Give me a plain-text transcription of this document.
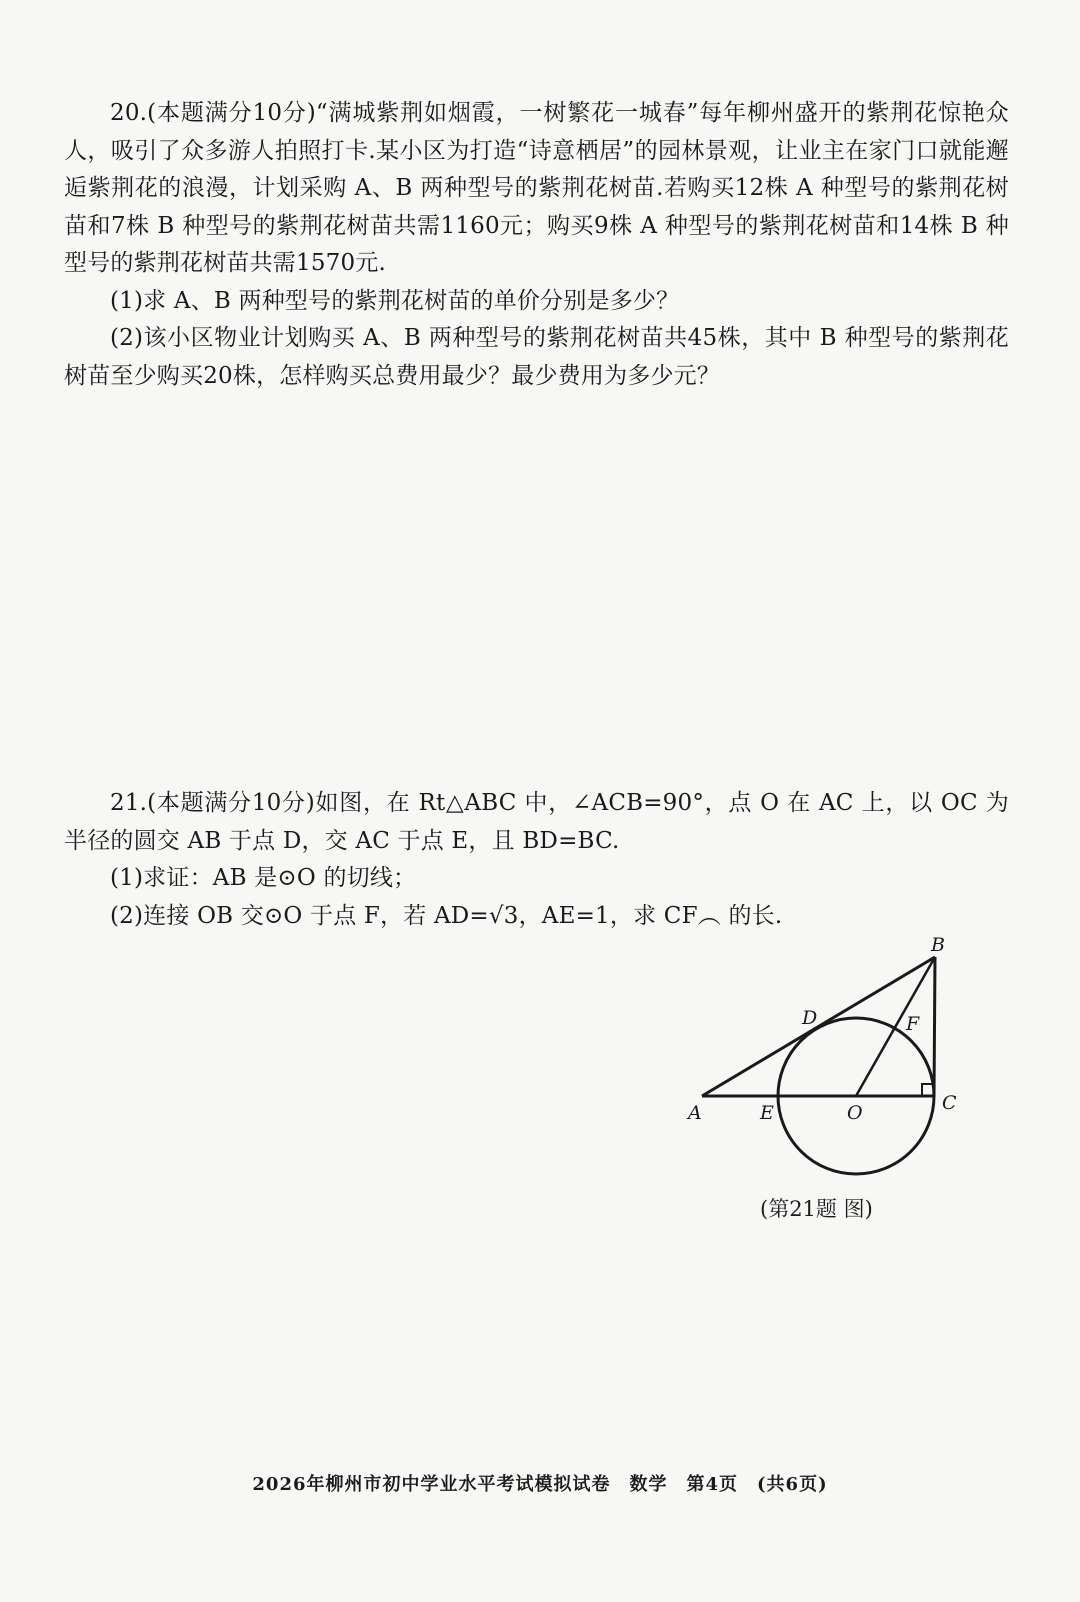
20.(本题满分10分)“满城紫荆如烟霞，一树繁花一城春”每年柳州盛开的紫荆花惊艳众人，吸引了众多游人拍照打卡.某小区为打造“诗意栖居”的园林景观，让业主在家门口就能邂逅紫荆花的浪漫，计划采购 A、B 两种型号的紫荆花树苗.若购买12株 A 种型号的紫荆花树苗和7株 B 种型号的紫荆花树苗共需1160元；购买9株 A 种型号的紫荆花树苗和14株 B 种型号的紫荆花树苗共需1570元.

(1)求 A、B 两种型号的紫荆花树苗的单价分别是多少？

(2)该小区物业计划购买 A、B 两种型号的紫荆花树苗共45株，其中 B 种型号的紫荆花树苗至少购买20株，怎样购买总费用最少？最少费用为多少元？

21.(本题满分10分)如图，在 Rt△ABC 中，∠ACB=90°，点 O 在 AC 上，以 OC 为半径的圆交 AB 于点 D，交 AC 于点 E，且 BD=BC.

(1)求证：AB 是⊙O 的切线；

(2)连接 OB 交⊙O 于点 F，若 AD=√3，AE=1，求 CF︵ 的长.

B
D	F
A	E	O	C
(第21题 图)
2026年柳州市初中学业水平考试模拟试卷　数学　第4页　(共6页)
